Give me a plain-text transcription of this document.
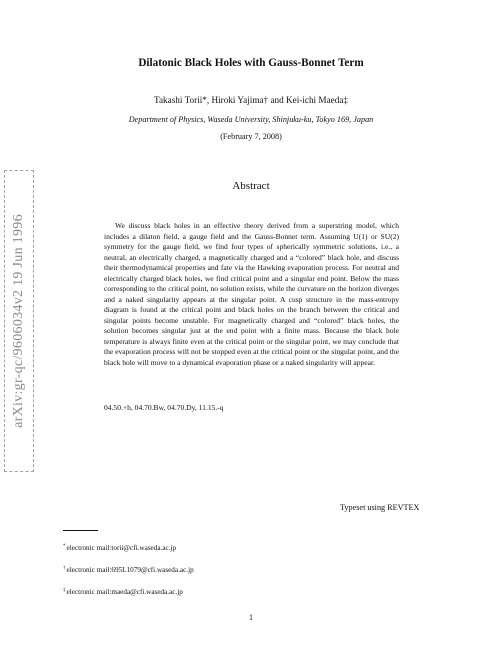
arXiv:gr-qc/9606034v2 19 Jun 1996
Dilatonic Black Holes with Gauss-Bonnet Term
Takashi Torii*, Hiroki Yajima† and Kei-ichi Maeda‡
Department of Physics, Waseda University, Shinjuku-ku, Tokyo 169, Japan
(February 7, 2008)
Abstract
We discuss black holes in an effective theory derived from a superstring model, which includes a dilaton field, a gauge field and the Gauss-Bonnet term. Assuming U(1) or SU(2) symmetry for the gauge field, we find four types of spherically symmetric solutions, i.e., a neutral, an electrically charged, a magnetically charged and a “colored” black hole, and discuss their thermodynamical properties and fate via the Hawking evaporation process. For neutral and electrically charged black holes, we find critical point and a singular end point. Below the mass corresponding to the critical point, no solution exists, while the curvature on the horizon diverges and a naked singularity appears at the singular point. A cusp structure in the mass-entropy diagram is found at the critical point and black holes on the branch between the critical and singular points become unstable. For magnetically charged and “colored” black holes, the solution becomes singular just at the end point with a finite mass. Because the black hole temperature is always finite even at the critical point or the singular point, we may conclude that the evaporation process will not be stopped even at the critical point or the singular point, and the black hole will move to a dynamical evaporation phase or a naked singularity will appear.
04.50.+h, 04.70.Bw, 04.70.Dy, 11.15.-q
Typeset using REVTEX
*electronic mail:torii@cfi.waseda.ac.jp
†electronic mail:695L1079@cfi.waseda.ac.jp
‡electronic mail:maeda@cfi.waseda.ac.jp
1
